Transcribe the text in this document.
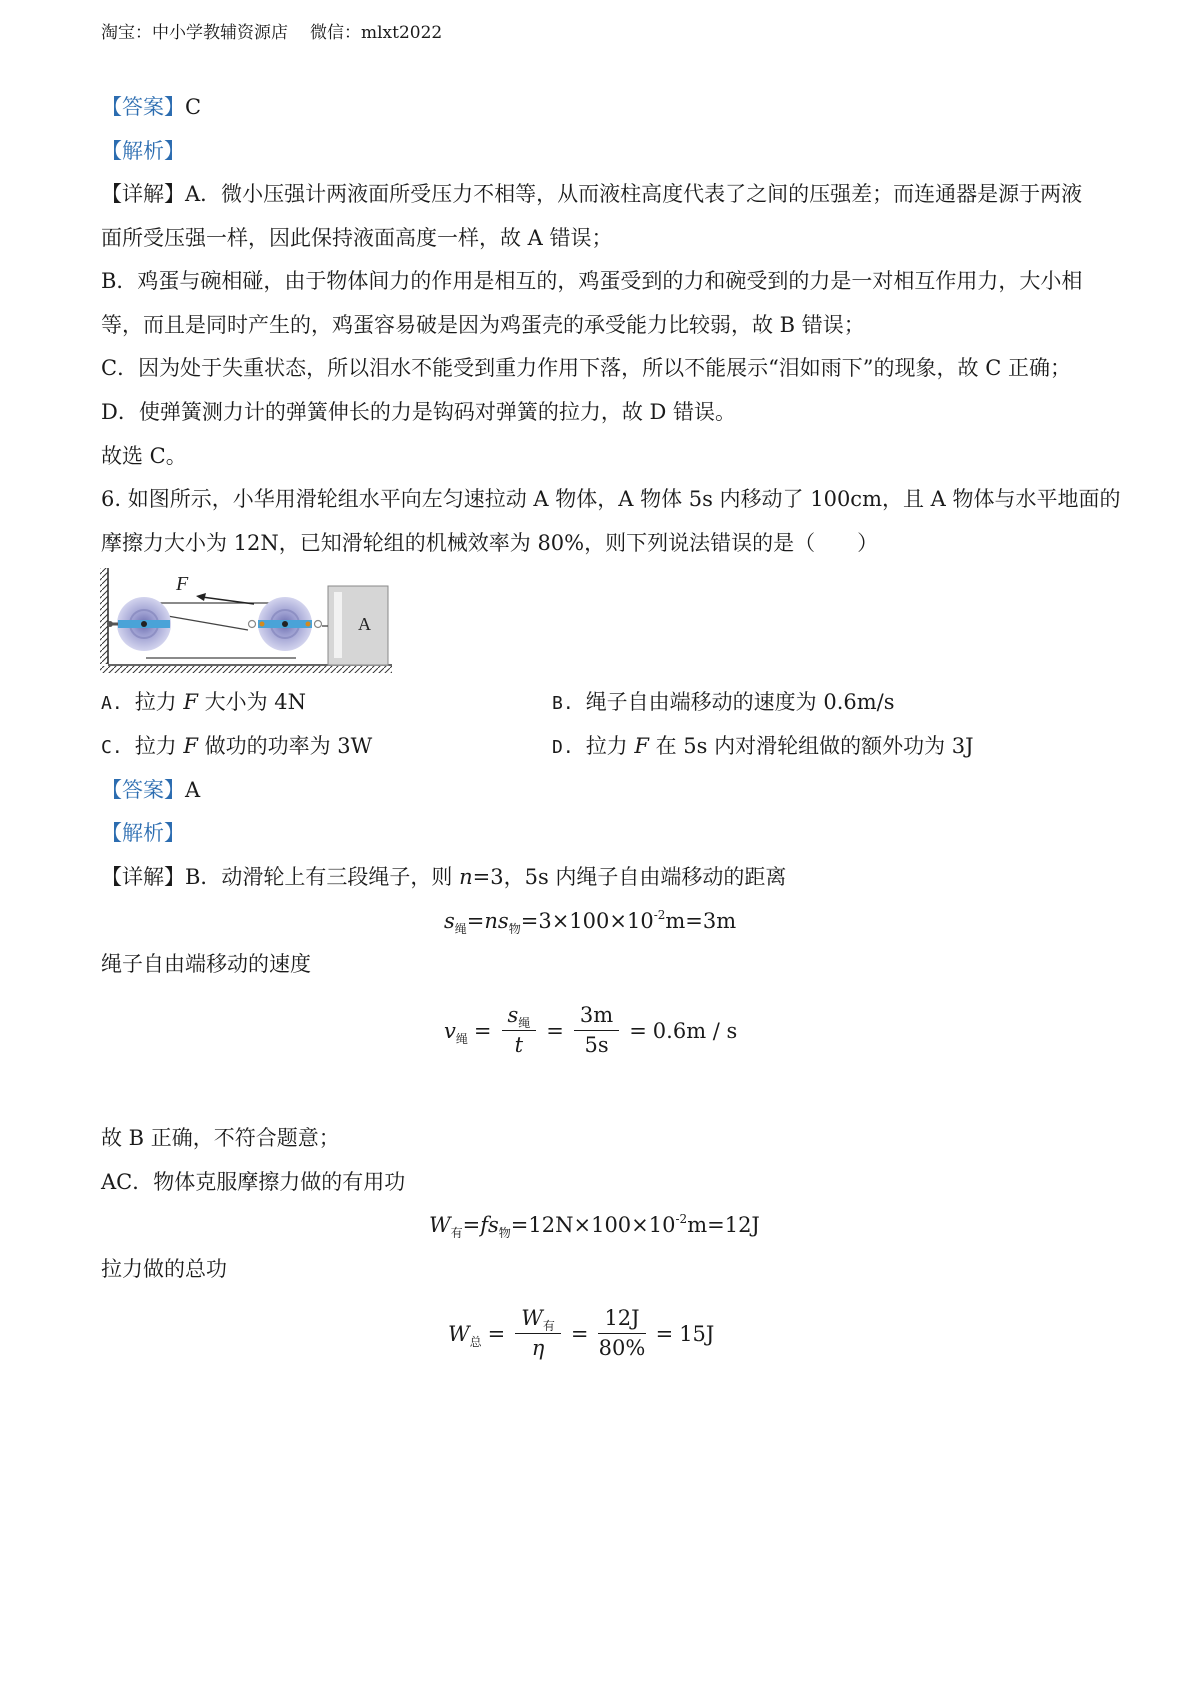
淘宝：中小学教辅资源店 微信：mlxt2022
【答案】C
【解析】
【详解】A．微小压强计两液面所受压力不相等，从而液柱高度代表了之间的压强差；而连通器是源于两液
面所受压强一样，因此保持液面高度一样，故 A 错误；
B．鸡蛋与碗相碰，由于物体间力的作用是相互的，鸡蛋受到的力和碗受到的力是一对相互作用力，大小相
等，而且是同时产生的，鸡蛋容易破是因为鸡蛋壳的承受能力比较弱，故 B 错误；
C．因为处于失重状态，所以泪水不能受到重力作用下落，所以不能展示“泪如雨下”的现象，故 C 正确；
D．使弹簧测力计的弹簧伸长的力是钩码对弹簧的拉力，故 D 错误。
故选 C。
6. 如图所示，小华用滑轮组水平向左匀速拉动 A 物体，A 物体 5s 内移动了 100cm，且 A 物体与水平地面的
摩擦力大小为 12N，已知滑轮组的机械效率为 80%，则下列说法错误的是（　　）
A
F
A. 拉力 F 大小为 4N	B. 绳子自由端移动的速度为 0.6m/s
C. 拉力 F 做功的功率为 3W	D. 拉力 F 在 5s 内对滑轮组做的额外功为 3J
【答案】A
【解析】
【详解】B．动滑轮上有三段绳子，则 n=3，5s 内绳子自由端移动的距离
$s_绳=ns_物=3\times 100\times 10^{-2}m=3m$
绳子自由端移动的速度
$v_绳 = \frac{s_绳}{t} = \frac{3m}{5s} = 0.6m / s$
故 B 正确，不符合题意；
AC．物体克服摩擦力做的有用功
$W_有=fs_物=12N\times 100\times 10^{-2}m=12J$
拉力做的总功
$W_总 = \frac{W_有}{\eta} = \frac{12J}{80\%} = 15J$
